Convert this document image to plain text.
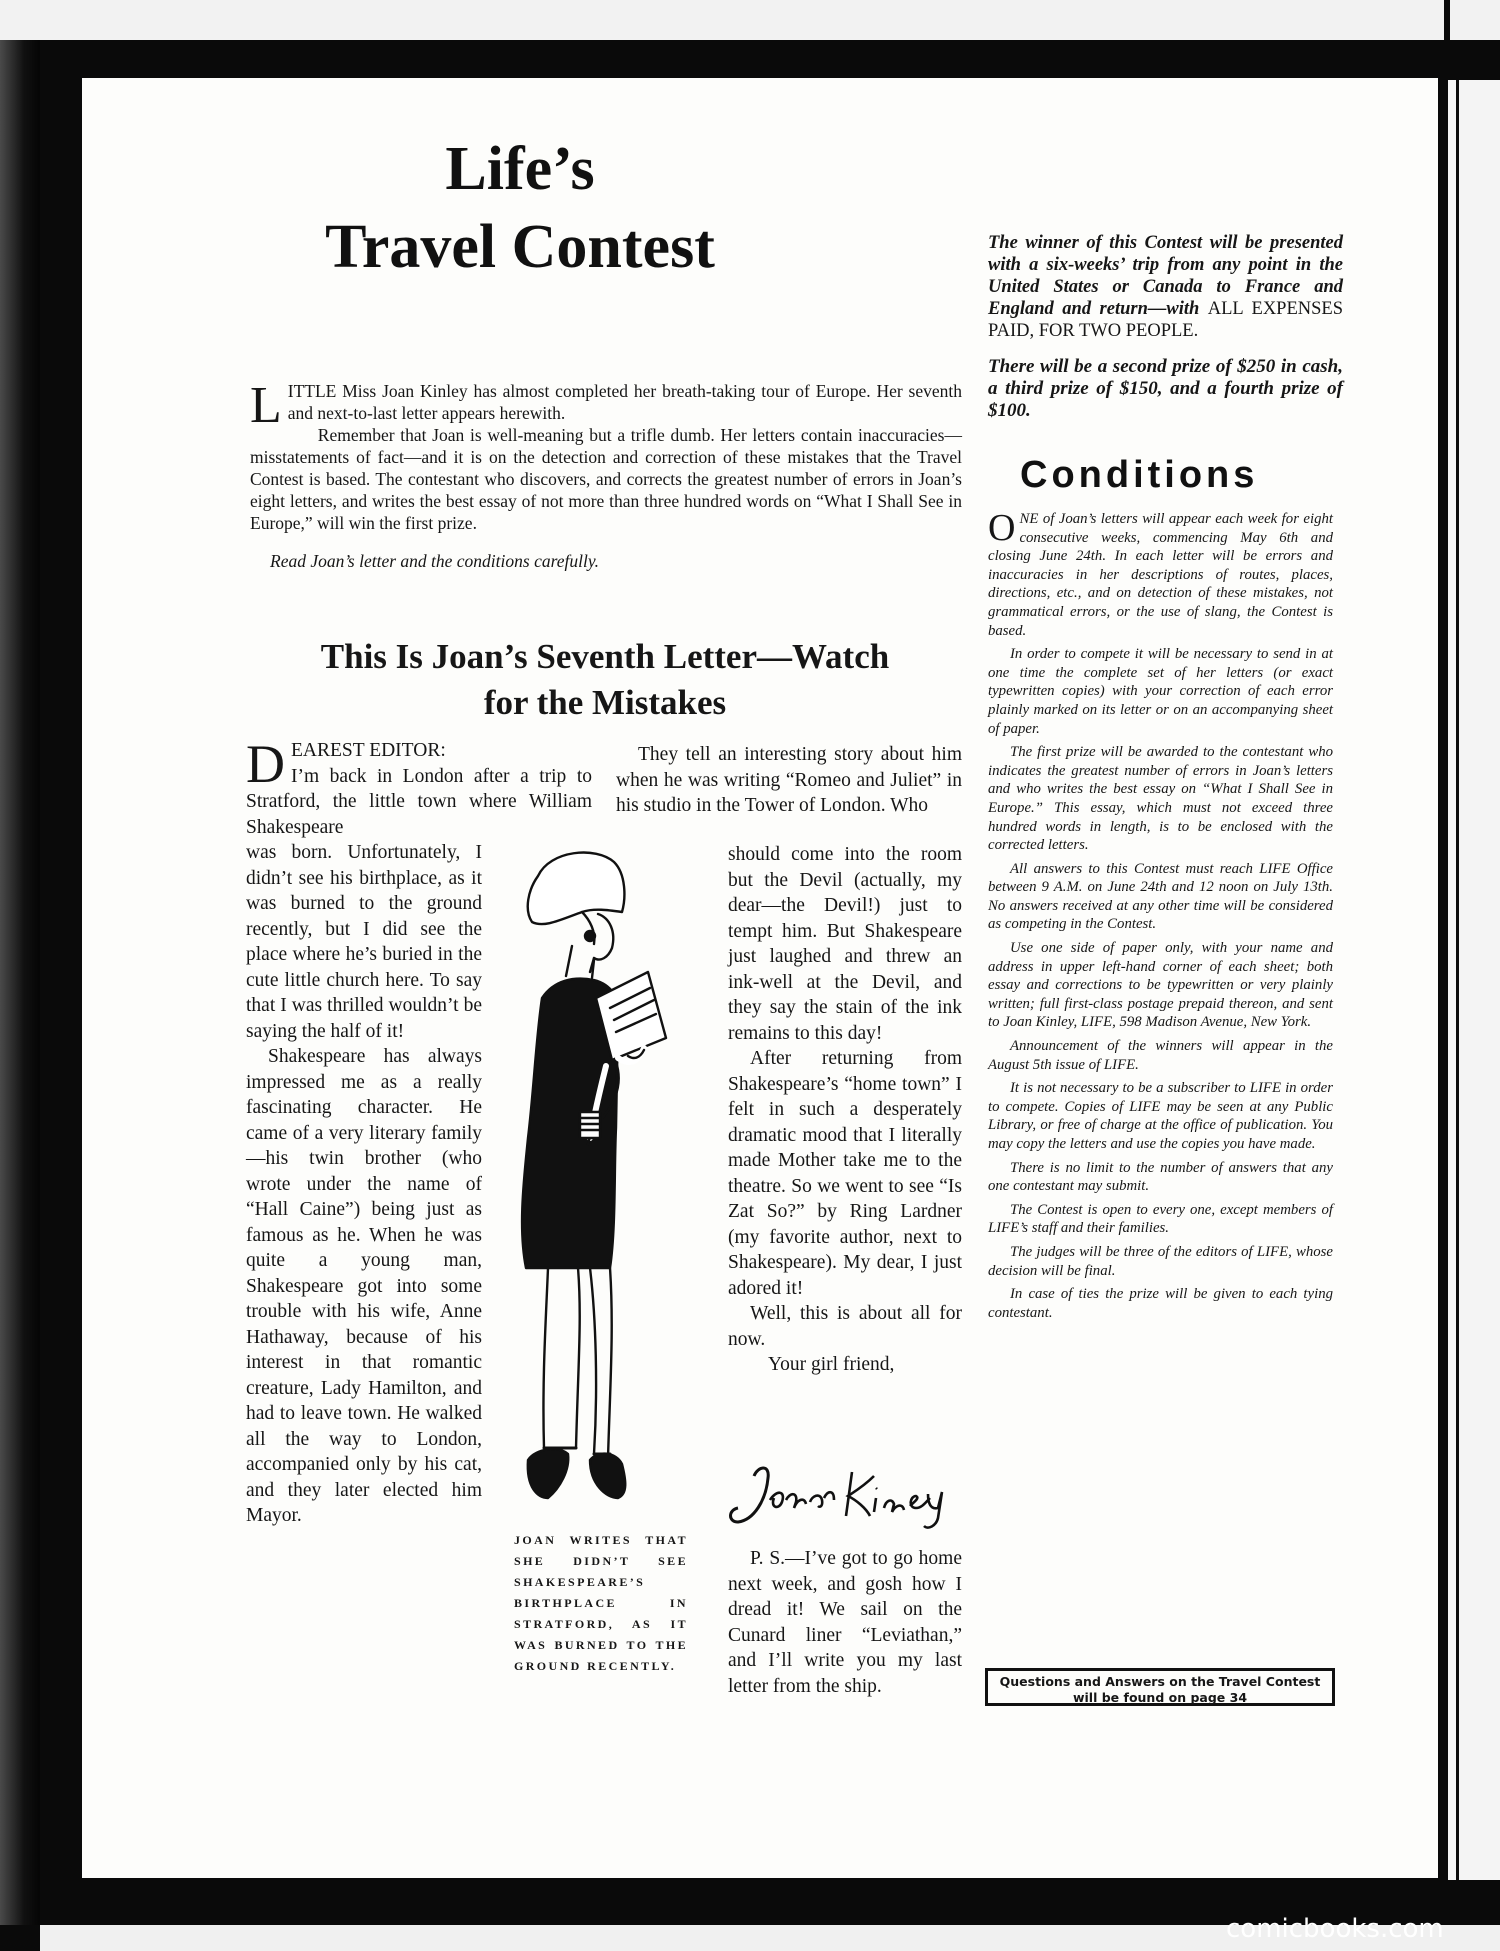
Life’s
Travel Contest

LITTLE Miss Joan Kinley has almost completed her breath-taking tour of Europe. Her seventh and next-to-last letter appears herewith.

Remember that Joan is well-meaning but a trifle dumb. Her letters contain inaccuracies—misstatements of fact—and it is on the detection and correction of these mistakes that the Travel Contest is based. The contestant who discovers, and corrects the greatest number of errors in Joan’s eight letters, and writes the best essay of not more than three hundred words on “What I Shall See in Europe,” will win the first prize.

Read Joan’s letter and the conditions carefully.

The winner of this Contest will be presented with a six-weeks’ trip from any point in the United States or Canada to France and England and return—with ALL EXPENSES PAID, FOR TWO PEOPLE.
There will be a second prize of $250 in cash, a third prize of $150, and a fourth prize of $100.
Conditions

ONE of Joan’s letters will appear each week for eight consecutive weeks, commencing May 6th and closing June 24th. In each letter will be errors and inaccuracies in her descriptions of routes, places, directions, etc., and on detection of these mistakes, not grammatical errors, or the use of slang, the Contest is based.

In order to compete it will be necessary to send in at one time the complete set of her letters (or exact typewritten copies) with your correction of each error plainly marked on its letter or on an accompanying sheet of paper.

The first prize will be awarded to the contestant who indicates the greatest number of errors in Joan’s letters and who writes the best essay on “What I Shall See in Europe.” This essay, which must not exceed three hundred words in length, is to be enclosed with the corrected letters.

All answers to this Contest must reach LIFE Office between 9 A.M. on June 24th and 12 noon on July 13th. No answers received at any other time will be considered as competing in the Contest.

Use one side of paper only, with your name and address in upper left-hand corner of each sheet; both essay and corrections to be typewritten or very plainly written; full first-class postage prepaid thereon, and sent to Joan Kinley, LIFE, 598 Madison Avenue, New York.

Announcement of the winners will appear in the August 5th issue of LIFE.

It is not necessary to be a subscriber to LIFE in order to compete. Copies of LIFE may be seen at any Public Library, or free of charge at the office of publication. You may copy the letters and use the copies you have made.

There is no limit to the number of answers that any one contestant may submit.

The Contest is open to every one, except members of LIFE’s staff and their families.

The judges will be three of the editors of LIFE, whose decision will be final.

In case of ties the prize will be given to each tying contestant.

Questions and Answers on the Travel Contest will be found on page 34
This Is Joan’s Seventh Letter—Watch
for the Mistakes

DEAREST EDITOR:
I’m back in London after a trip to Stratford, the little town where William Shakespeare

was born. Unfortunately, I didn’t see his birthplace, as it was burned to the ground recently, but I did see the place where he’s buried in the cute little church here. To say that I was thrilled wouldn’t be saying the half of it!

Shakespeare has always impressed me as a really fascinating character. He came of a very literary family—his twin brother (who wrote under the name of “Hall Caine”) being just as famous as he. When he was quite a young man, Shakespeare got into some trouble with his wife, Anne Hathaway, because of his interest in that romantic creature, Lady Hamilton, and had to leave town. He walked all the way to London, accompanied only by his cat, and they later elected him Mayor.

They tell an interesting story about him when he was writing “Romeo and Juliet” in his studio in the Tower of London. Who

should come into the room but the Devil (actually, my dear—the Devil!) just to tempt him. But Shakespeare just laughed and threw an ink-well at the Devil, and they say the stain of the ink remains to this day!

After returning from Shakespeare’s “home town” I felt in such a desperately dramatic mood that I literally made Mother take me to the theatre. So we went to see “Is Zat So?” by Ring Lardner (my favorite author, next to Shakespeare). My dear, I just adored it!

Well, this is about all for now.

Your girl friend,

Joan Kinley

P. S.—I’ve got to go home next week, and gosh how I dread it! We sail on the Cunard liner “Leviathan,” and I’ll write you my last letter from the ship.

JOAN WRITES THAT SHE DIDN’T SEE SHAKESPEARE’S BIRTHPLACE IN STRATFORD, AS IT WAS BURNED TO THE GROUND RECENTLY.
comicbooks.com
